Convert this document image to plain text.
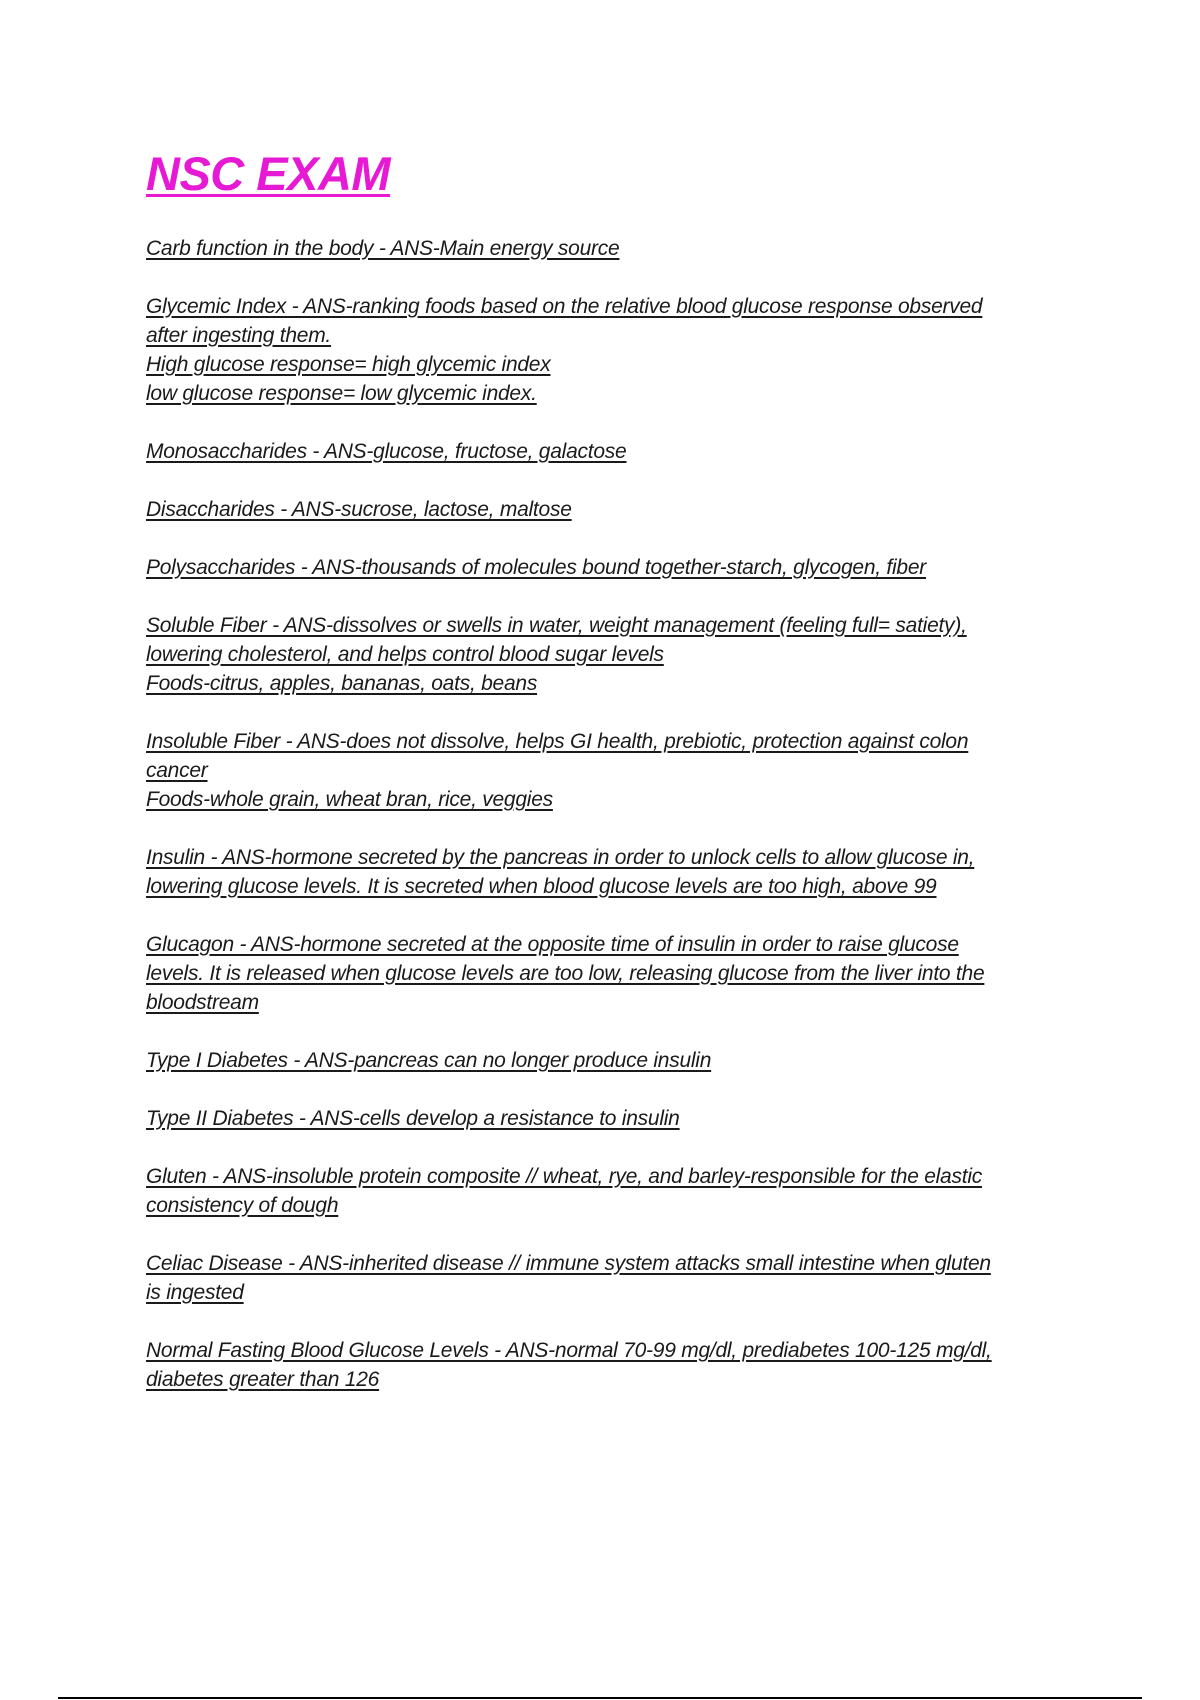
NSC EXAM
Carb function in the body - ANS-Main energy source
Glycemic Index - ANS-ranking foods based on the relative blood glucose response observed
after ingesting them.
High glucose response= high glycemic index
low glucose response= low glycemic index.
Monosaccharides - ANS-glucose, fructose, galactose
Disaccharides - ANS-sucrose, lactose, maltose
Polysaccharides - ANS-thousands of molecules bound together-starch, glycogen, fiber
Soluble Fiber - ANS-dissolves or swells in water, weight management (feeling full= satiety),
lowering cholesterol, and helps control blood sugar levels
Foods-citrus, apples, bananas, oats, beans
Insoluble Fiber - ANS-does not dissolve, helps GI health, prebiotic, protection against colon
cancer
Foods-whole grain, wheat bran, rice, veggies
Insulin - ANS-hormone secreted by the pancreas in order to unlock cells to allow glucose in,
lowering glucose levels. It is secreted when blood glucose levels are too high, above 99
Glucagon - ANS-hormone secreted at the opposite time of insulin in order to raise glucose
levels. It is released when glucose levels are too low, releasing glucose from the liver into the
bloodstream
Type I Diabetes - ANS-pancreas can no longer produce insulin
Type II Diabetes - ANS-cells develop a resistance to insulin
Gluten - ANS-insoluble protein composite // wheat, rye, and barley-responsible for the elastic
consistency of dough
Celiac Disease - ANS-inherited disease // immune system attacks small intestine when gluten
is ingested
Normal Fasting Blood Glucose Levels - ANS-normal 70-99 mg/dl, prediabetes 100-125 mg/dl,
diabetes greater than 126
